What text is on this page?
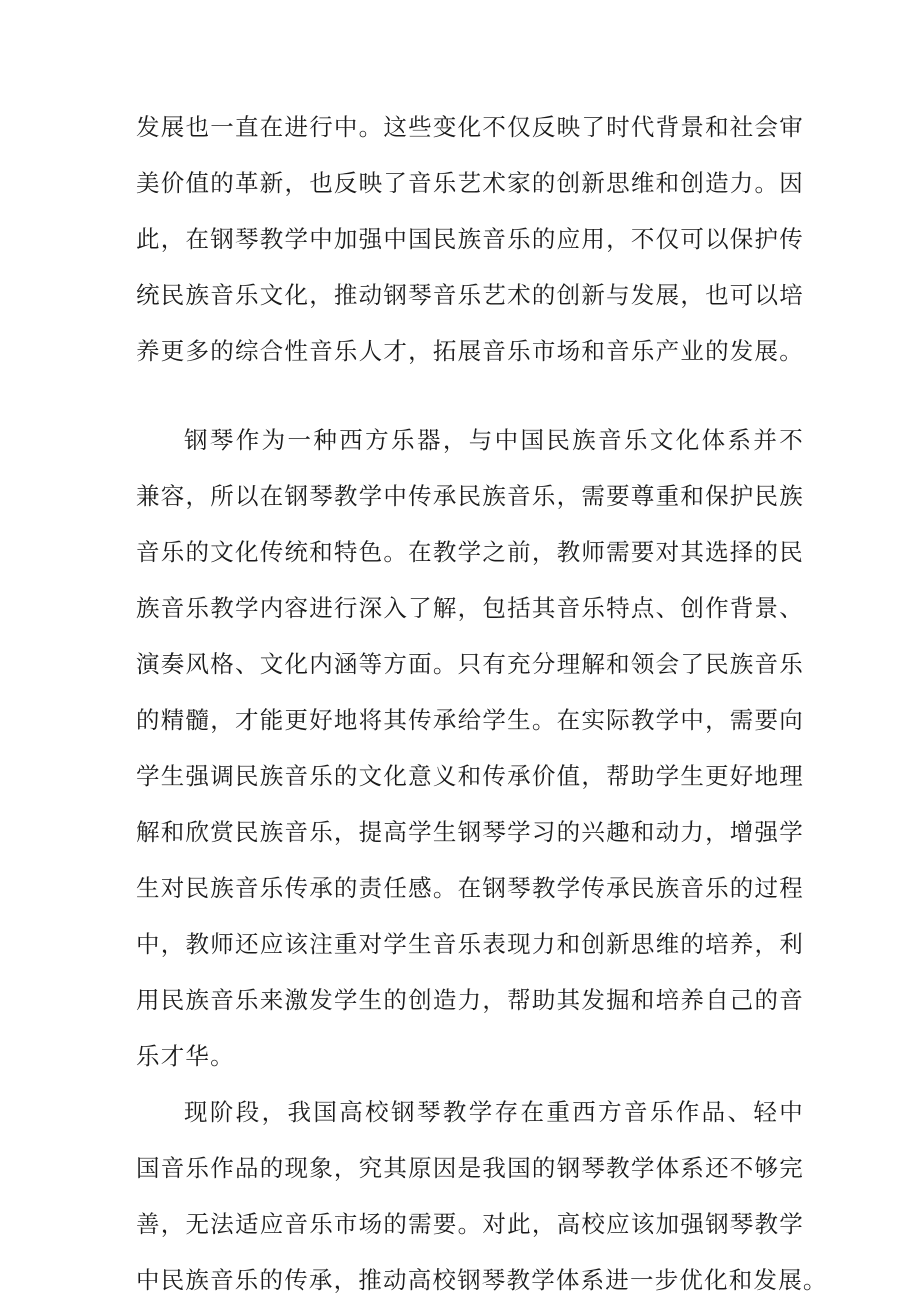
发展也一直在进行中。这些变化不仅反映了时代背景和社会审
美价值的革新，也反映了音乐艺术家的创新思维和创造力。因
此，在钢琴教学中加强中国民族音乐的应用，不仅可以保护传
统民族音乐文化，推动钢琴音乐艺术的创新与发展，也可以培
养更多的综合性音乐人才，拓展音乐市场和音乐产业的发展。
钢琴作为一种西方乐器，与中国民族音乐文化体系并不
兼容，所以在钢琴教学中传承民族音乐，需要尊重和保护民族
音乐的文化传统和特色。在教学之前，教师需要对其选择的民
族音乐教学内容进行深入了解，包括其音乐特点、创作背景、
演奏风格、文化内涵等方面。只有充分理解和领会了民族音乐
的精髓，才能更好地将其传承给学生。在实际教学中，需要向
学生强调民族音乐的文化意义和传承价值，帮助学生更好地理
解和欣赏民族音乐，提高学生钢琴学习的兴趣和动力，增强学
生对民族音乐传承的责任感。在钢琴教学传承民族音乐的过程
中，教师还应该注重对学生音乐表现力和创新思维的培养，利
用民族音乐来激发学生的创造力，帮助其发掘和培养自己的音
乐才华。
现阶段，我国高校钢琴教学存在重西方音乐作品、轻中
国音乐作品的现象，究其原因是我国的钢琴教学体系还不够完
善，无法适应音乐市场的需要。对此，高校应该加强钢琴教学
中民族音乐的传承，推动高校钢琴教学体系进一步优化和发展。
